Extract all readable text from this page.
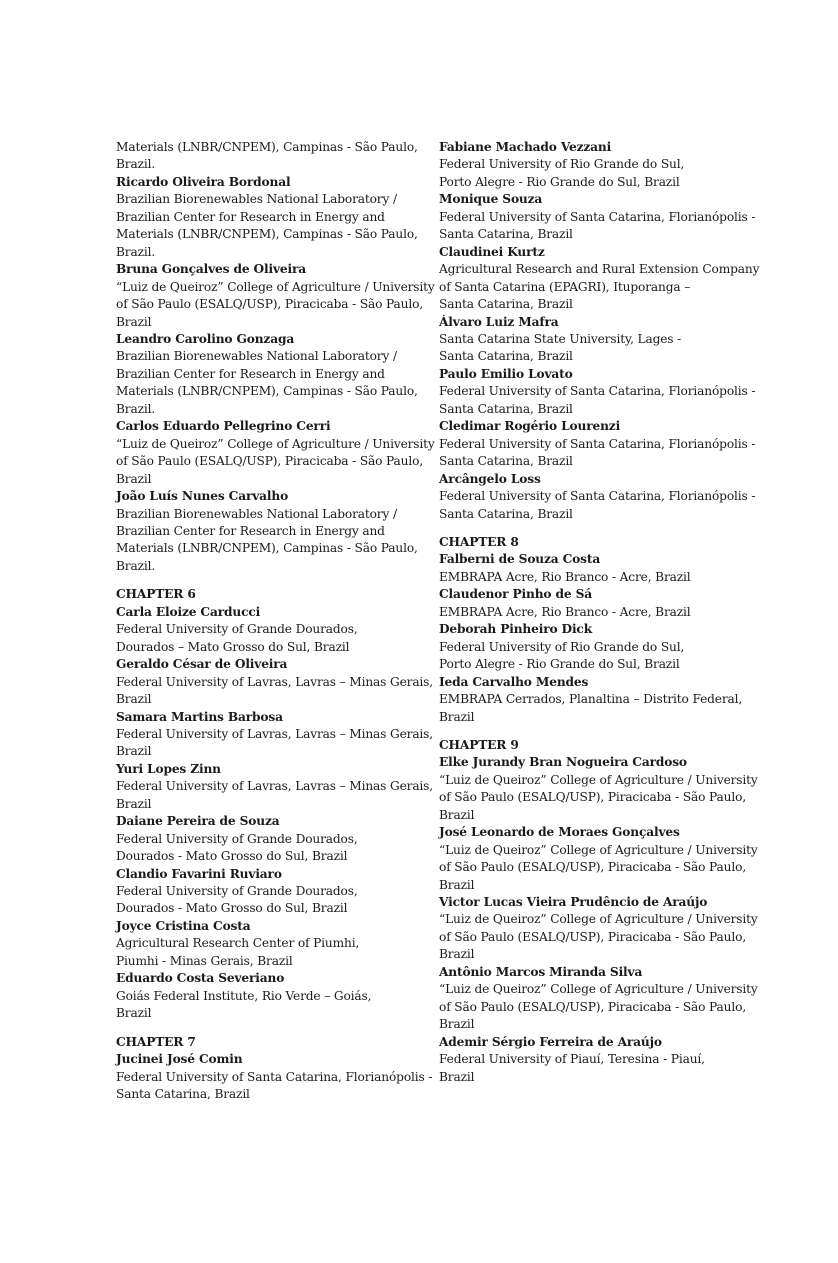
Materials (LNBR/CNPEM), Campinas - São Paulo,
Brazil.
Ricardo Oliveira Bordonal
Brazilian Biorenewables National Laboratory /
Brazilian Center for Research in Energy and
Materials (LNBR/CNPEM), Campinas - São Paulo,
Brazil.
Bruna Gonçalves de Oliveira
“Luiz de Queiroz” College of Agriculture / University
of São Paulo (ESALQ/USP), Piracicaba - São Paulo,
Brazil
Leandro Carolino Gonzaga
Brazilian Biorenewables National Laboratory /
Brazilian Center for Research in Energy and
Materials (LNBR/CNPEM), Campinas - São Paulo,
Brazil.
Carlos Eduardo Pellegrino Cerri
“Luiz de Queiroz” College of Agriculture / University
of São Paulo (ESALQ/USP), Piracicaba - São Paulo,
Brazil
João Luís Nunes Carvalho
Brazilian Biorenewables National Laboratory /
Brazilian Center for Research in Energy and
Materials (LNBR/CNPEM), Campinas - São Paulo,
Brazil.
CHAPTER 6
Carla Eloize Carducci
Federal University of Grande Dourados,
Dourados – Mato Grosso do Sul, Brazil
Geraldo César de Oliveira
Federal University of Lavras, Lavras – Minas Gerais,
Brazil
Samara Martins Barbosa
Federal University of Lavras, Lavras – Minas Gerais,
Brazil
Yuri Lopes Zinn
Federal University of Lavras, Lavras – Minas Gerais,
Brazil
Daiane Pereira de Souza
Federal University of Grande Dourados,
Dourados - Mato Grosso do Sul, Brazil
Clandio Favarini Ruviaro
Federal University of Grande Dourados,
Dourados - Mato Grosso do Sul, Brazil
Joyce Cristina Costa
Agricultural Research Center of Piumhi,
Piumhi - Minas Gerais, Brazil
Eduardo Costa Severiano
Goiás Federal Institute, Rio Verde – Goiás,
Brazil
CHAPTER 7
Jucinei José Comin
Federal University of Santa Catarina, Florianópolis -
Santa Catarina, Brazil
Fabiane Machado Vezzani
Federal University of Rio Grande do Sul,
Porto Alegre - Rio Grande do Sul, Brazil
Monique Souza
Federal University of Santa Catarina, Florianópolis -
Santa Catarina, Brazil
Claudinei Kurtz
Agricultural Research and Rural Extension Company
of Santa Catarina (EPAGRI), Ituporanga –
Santa Catarina, Brazil
Álvaro Luiz Mafra
Santa Catarina State University, Lages -
Santa Catarina, Brazil
Paulo Emilio Lovato
Federal University of Santa Catarina, Florianópolis -
Santa Catarina, Brazil
Cledimar Rogério Lourenzi
Federal University of Santa Catarina, Florianópolis -
Santa Catarina, Brazil
Arcângelo Loss
Federal University of Santa Catarina, Florianópolis -
Santa Catarina, Brazil
CHAPTER 8
Falberni de Souza Costa
EMBRAPA Acre, Rio Branco - Acre, Brazil
Claudenor Pinho de Sá
EMBRAPA Acre, Rio Branco - Acre, Brazil
Deborah Pinheiro Dick
Federal University of Rio Grande do Sul,
Porto Alegre - Rio Grande do Sul, Brazil
Ieda Carvalho Mendes
EMBRAPA Cerrados, Planaltina – Distrito Federal,
Brazil
CHAPTER 9
Elke Jurandy Bran Nogueira Cardoso
“Luiz de Queiroz” College of Agriculture / University
of São Paulo (ESALQ/USP), Piracicaba - São Paulo,
Brazil
José Leonardo de Moraes Gonçalves
“Luiz de Queiroz” College of Agriculture / University
of São Paulo (ESALQ/USP), Piracicaba - São Paulo,
Brazil
Victor Lucas Vieira Prudêncio de Araújo
“Luiz de Queiroz” College of Agriculture / University
of São Paulo (ESALQ/USP), Piracicaba - São Paulo,
Brazil
Antônio Marcos Miranda Silva
“Luiz de Queiroz” College of Agriculture / University
of São Paulo (ESALQ/USP), Piracicaba - São Paulo,
Brazil
Ademir Sérgio Ferreira de Araújo
Federal University of Piauí, Teresina - Piauí,
Brazil
